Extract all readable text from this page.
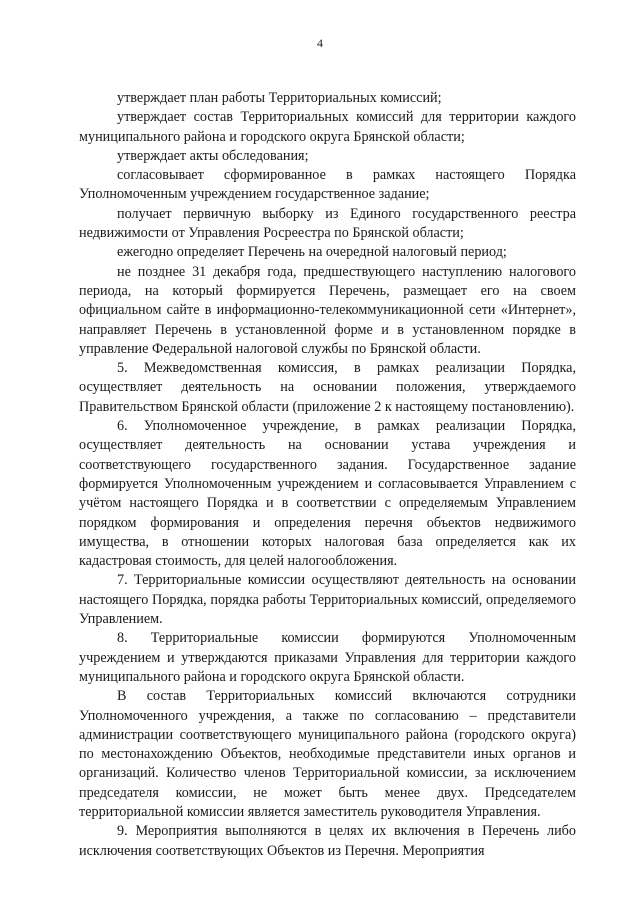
4

утверждает план работы Территориальных комиссий;

утверждает состав Территориальных комиссий для территории каждого муниципального района и городского округа Брянской области;

утверждает акты обследования;

согласовывает сформированное в рамках настоящего Порядка Уполномоченным учреждением государственное задание;

получает первичную выборку из Единого государственного реестра недвижимости от Управления Росреестра по Брянской области;

ежегодно определяет Перечень на очередной налоговый период;

не позднее 31 декабря года, предшествующего наступлению налогового периода, на который формируется Перечень, размещает его на своем официальном сайте в информационно-телекоммуникационной сети «Интернет», направляет Перечень в установленной форме и в установленном порядке в управление Федеральной налоговой службы по Брянской области.

5. Межведомственная комиссия, в рамках реализации Порядка, осуществляет деятельность на основании положения, утверждаемого Правительством Брянской области (приложение 2 к настоящему постановлению).

6. Уполномоченное учреждение, в рамках реализации Порядка, осуществляет деятельность на основании устава учреждения и соответствующего государственного задания. Государственное задание формируется Уполномоченным учреждением и согласовывается Управлением с учётом настоящего Порядка и в соответствии с определяемым Управлением порядком формирования и определения перечня объектов недвижимого имущества, в отношении которых налоговая база определяется как их кадастровая стоимость, для целей налогообложения.

7. Территориальные комиссии осуществляют деятельность на основании настоящего Порядка, порядка работы Территориальных комиссий, определяемого Управлением.

8. Территориальные комиссии формируются Уполномоченным учреждением и утверждаются приказами Управления для территории каждого муниципального района и городского округа Брянской области.

В состав Территориальных комиссий включаются сотрудники Уполномоченного учреждения, а также по согласованию – представители администрации соответствующего муниципального района (городского округа) по местонахождению Объектов, необходимые представители иных органов и организаций. Количество членов Территориальной комиссии, за исключением председателя комиссии, не может быть менее двух. Председателем территориальной комиссии является заместитель руководителя Управления.

9. Мероприятия выполняются в целях их включения в Перечень либо исключения соответствующих Объектов из Перечня. Мероприятия
